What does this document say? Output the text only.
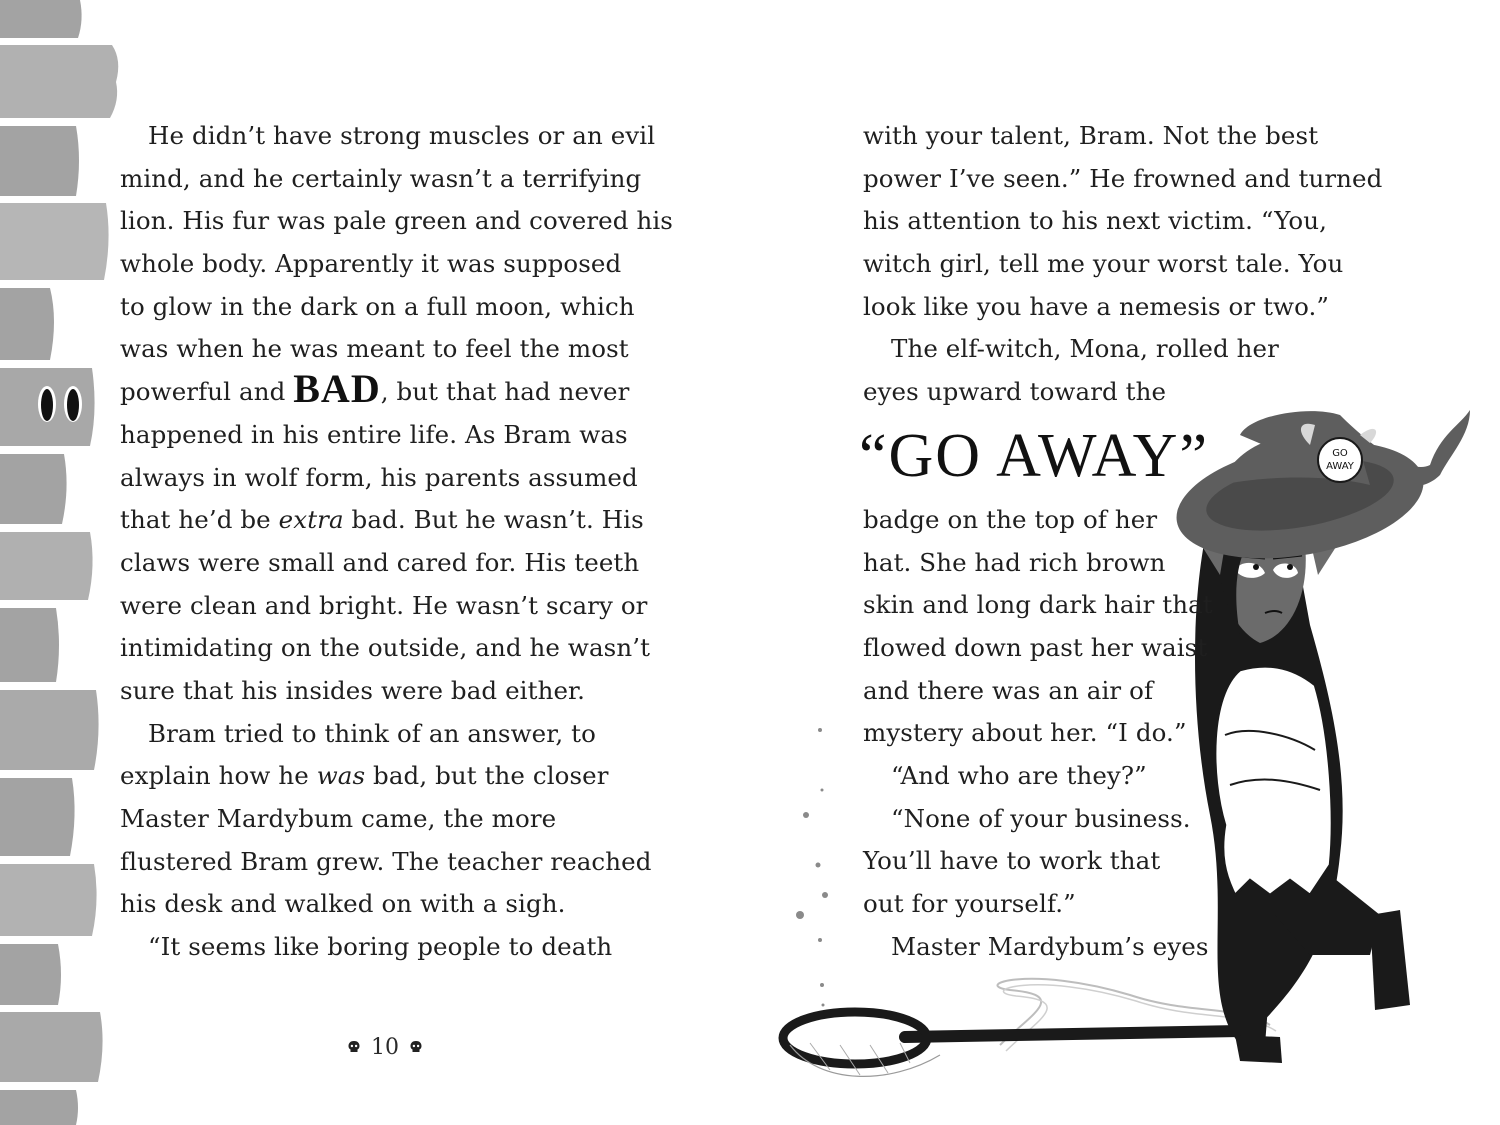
He didn’t have strong muscles or an evil
mind, and he certainly wasn’t a terrifying
lion. His fur was pale green and covered his
whole body. Apparently it was supposed
to glow in the dark on a full moon, which
was when he was meant to feel the most
powerful and BAD, but that had never
happened in his entire life. As Bram was
always in wolf form, his parents assumed
that he’d be extra bad. But he wasn’t. His
claws were small and cared for. His teeth
were clean and bright. He wasn’t scary or
intimidating on the outside, and he wasn’t
sure that his insides were bad either.
Bram tried to think of an answer, to
explain how he was bad, but the closer
Master Mardybum came, the more
flustered Bram grew. The teacher reached
his desk and walked on with a sigh.
“It seems like boring people to death
10
GO
AWAY
with your talent, Bram. Not the best
power I’ve seen.” He frowned and turned
his attention to his next victim. “You,
witch girl, tell me your worst tale. You
look like you have a nemesis or two.”
The elf-witch, Mona, rolled her
eyes upward toward the
“GO AWAY”
badge on the top of her
hat. She had rich brown
skin and long dark hair that
flowed down past her waist
and there was an air of
mystery about her. “I do.”
“And who are they?”
“None of your business.
You’ll have to work that
out for yourself.”
Master Mardybum’s eyes
